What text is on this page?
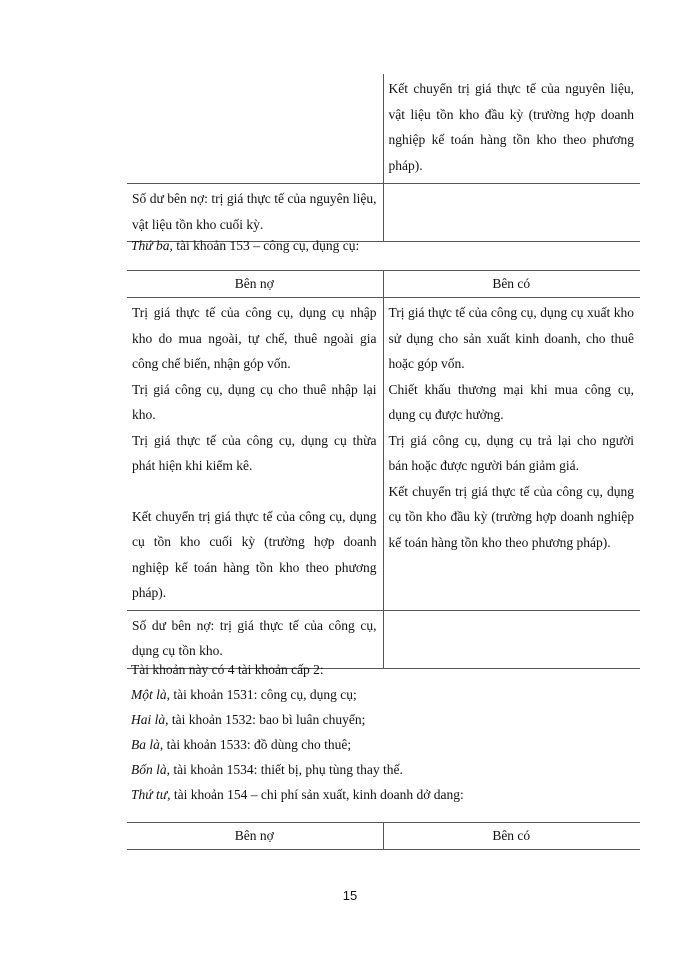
Kết chuyển trị giá thực tế của nguyên liệu, vật liệu tồn kho đầu kỳ (trường hợp doanh nghiệp kế toán hàng tồn kho theo phương pháp).

Số dư bên nợ: trị giá thực tế của nguyên liệu, vật liệu tồn kho cuối kỳ.

Thứ ba, tài khoản 153 – công cụ, dụng cụ:
Bên nợ	Bên có

Trị giá thực tế của công cụ, dụng cụ nhập kho do mua ngoài, tự chế, thuê ngoài gia công chế biến, nhận góp vốn.

Trị giá công cụ, dụng cụ cho thuê nhập lại kho.

Trị giá thực tế của công cụ, dụng cụ thừa phát hiện khi kiểm kê.

Kết chuyển trị giá thực tế của công cụ, dụng cụ tồn kho cuối kỳ (trường hợp doanh nghiệp kế toán hàng tồn kho theo phương pháp).

Trị giá thực tế của công cụ, dụng cụ xuất kho sử dụng cho sản xuất kinh doanh, cho thuê hoặc góp vốn.

Chiết khấu thương mại khi mua công cụ, dụng cụ được hưởng.

Trị giá công cụ, dụng cụ trả lại cho người bán hoặc được người bán giảm giá.

Kết chuyển trị giá thực tế của công cụ, dụng cụ tồn kho đầu kỳ (trường hợp doanh nghiệp kế toán hàng tồn kho theo phương pháp).

Số dư bên nợ: trị giá thực tế của công cụ, dụng cụ tồn kho.

Tài khoản này có 4 tài khoản cấp 2:
Một là, tài khoản 1531: công cụ, dụng cụ;
Hai là, tài khoản 1532: bao bì luân chuyển;
Ba là, tài khoản 1533: đồ dùng cho thuê;
Bốn là, tài khoản 1534: thiết bị, phụ tùng thay thế.
Thứ tư, tài khoản 154 – chi phí sản xuất, kinh doanh dở dang:
Bên nợ	Bên có
15
